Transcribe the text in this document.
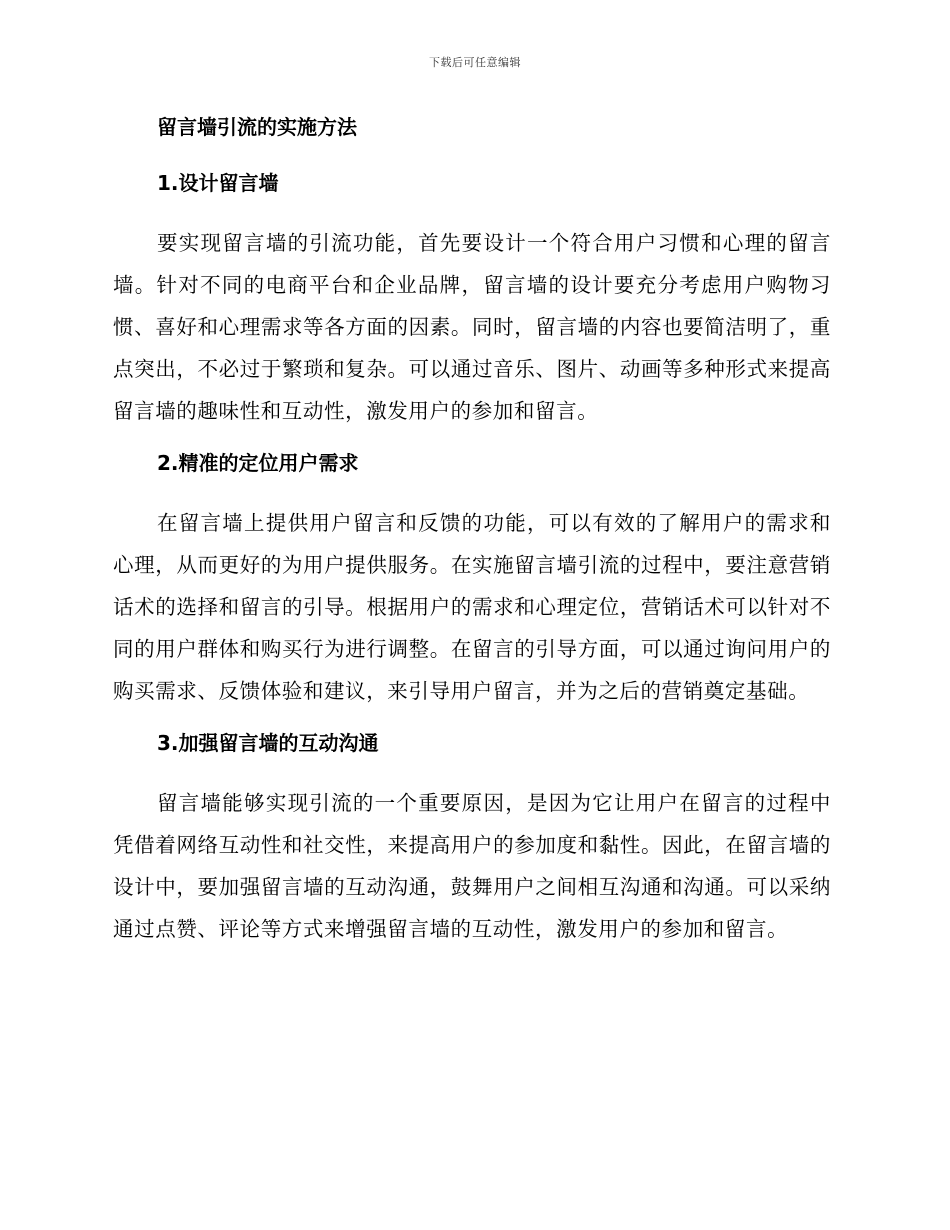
下载后可任意编辑
留言墙引流的实施方法
1.设计留言墙

要实现留言墙的引流功能，首先要设计一个符合用户习惯和心理的留言墙。针对不同的电商平台和企业品牌，留言墙的设计要充分考虑用户购物习惯、喜好和心理需求等各方面的因素。同时，留言墙的内容也要简洁明了，重点突出，不必过于繁琐和复杂。可以通过音乐、图片、动画等多种形式来提高留言墙的趣味性和互动性，激发用户的参加和留言。

2.精准的定位用户需求

在留言墙上提供用户留言和反馈的功能，可以有效的了解用户的需求和心理，从而更好的为用户提供服务。在实施留言墙引流的过程中，要注意营销话术的选择和留言的引导。根据用户的需求和心理定位，营销话术可以针对不同的用户群体和购买行为进行调整。在留言的引导方面，可以通过询问用户的购买需求、反馈体验和建议，来引导用户留言，并为之后的营销奠定基础。

3.加强留言墙的互动沟通

留言墙能够实现引流的一个重要原因，是因为它让用户在留言的过程中凭借着网络互动性和社交性，来提高用户的参加度和黏性。因此，在留言墙的设计中，要加强留言墙的互动沟通，鼓舞用户之间相互沟通和沟通。可以采纳通过点赞、评论等方式来增强留言墙的互动性，激发用户的参加和留言。
